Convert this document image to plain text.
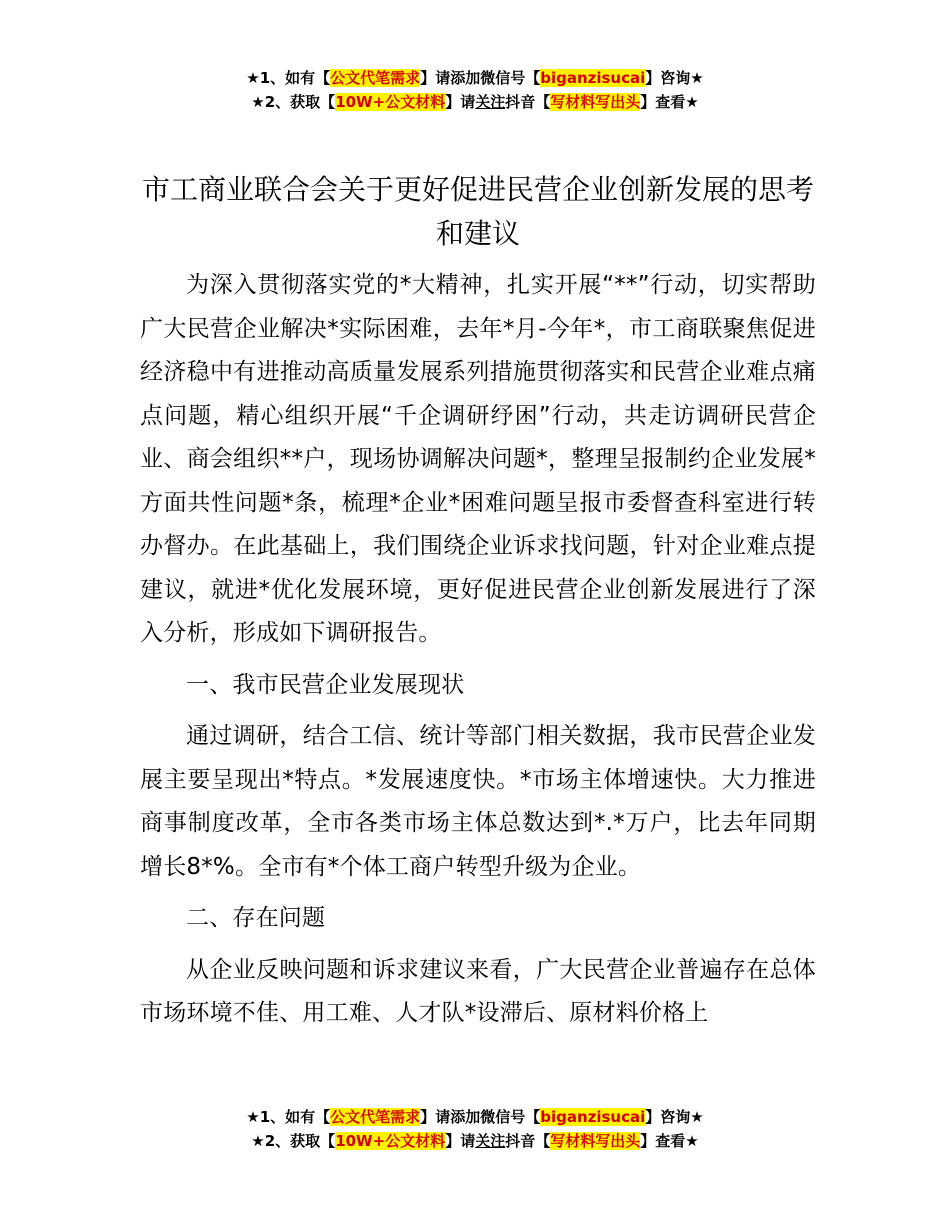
★1、如有【公文代笔需求】请添加微信号【biganzisucai】咨询★
★2、获取【10W+公文材料】请关注抖音【写材料写出头】查看★
市工商业联合会关于更好促进民营企业创新发展的思考和建议

为深入贯彻落实党的*大精神，扎实开展“**”行动，切实帮助广大民营企业解决*实际困难，去年*月-今年*，市工商联聚焦促进经济稳中有进推动高质量发展系列措施贯彻落实和民营企业难点痛点问题，精心组织开展“千企调研纾困”行动，共走访调研民营企业、商会组织**户，现场协调解决问题*，整理呈报制约企业发展*方面共性问题*条，梳理*企业*困难问题呈报市委督查科室进行转办督办。在此基础上，我们围绕企业诉求找问题，针对企业难点提建议，就进*优化发展环境，更好促进民营企业创新发展进行了深入分析，形成如下调研报告。

一、我市民营企业发展现状

通过调研，结合工信、统计等部门相关数据，我市民营企业发展主要呈现出*特点。*发展速度快。*市场主体增速快。大力推进商事制度改革，全市各类市场主体总数达到*.*万户，比去年同期增长8*%。全市有*个体工商户转型升级为企业。

二、存在问题

从企业反映问题和诉求建议来看，广大民营企业普遍存在总体市场环境不佳、用工难、人才队*设滞后、原材料价格上

★1、如有【公文代笔需求】请添加微信号【biganzisucai】咨询★
★2、获取【10W+公文材料】请关注抖音【写材料写出头】查看★
